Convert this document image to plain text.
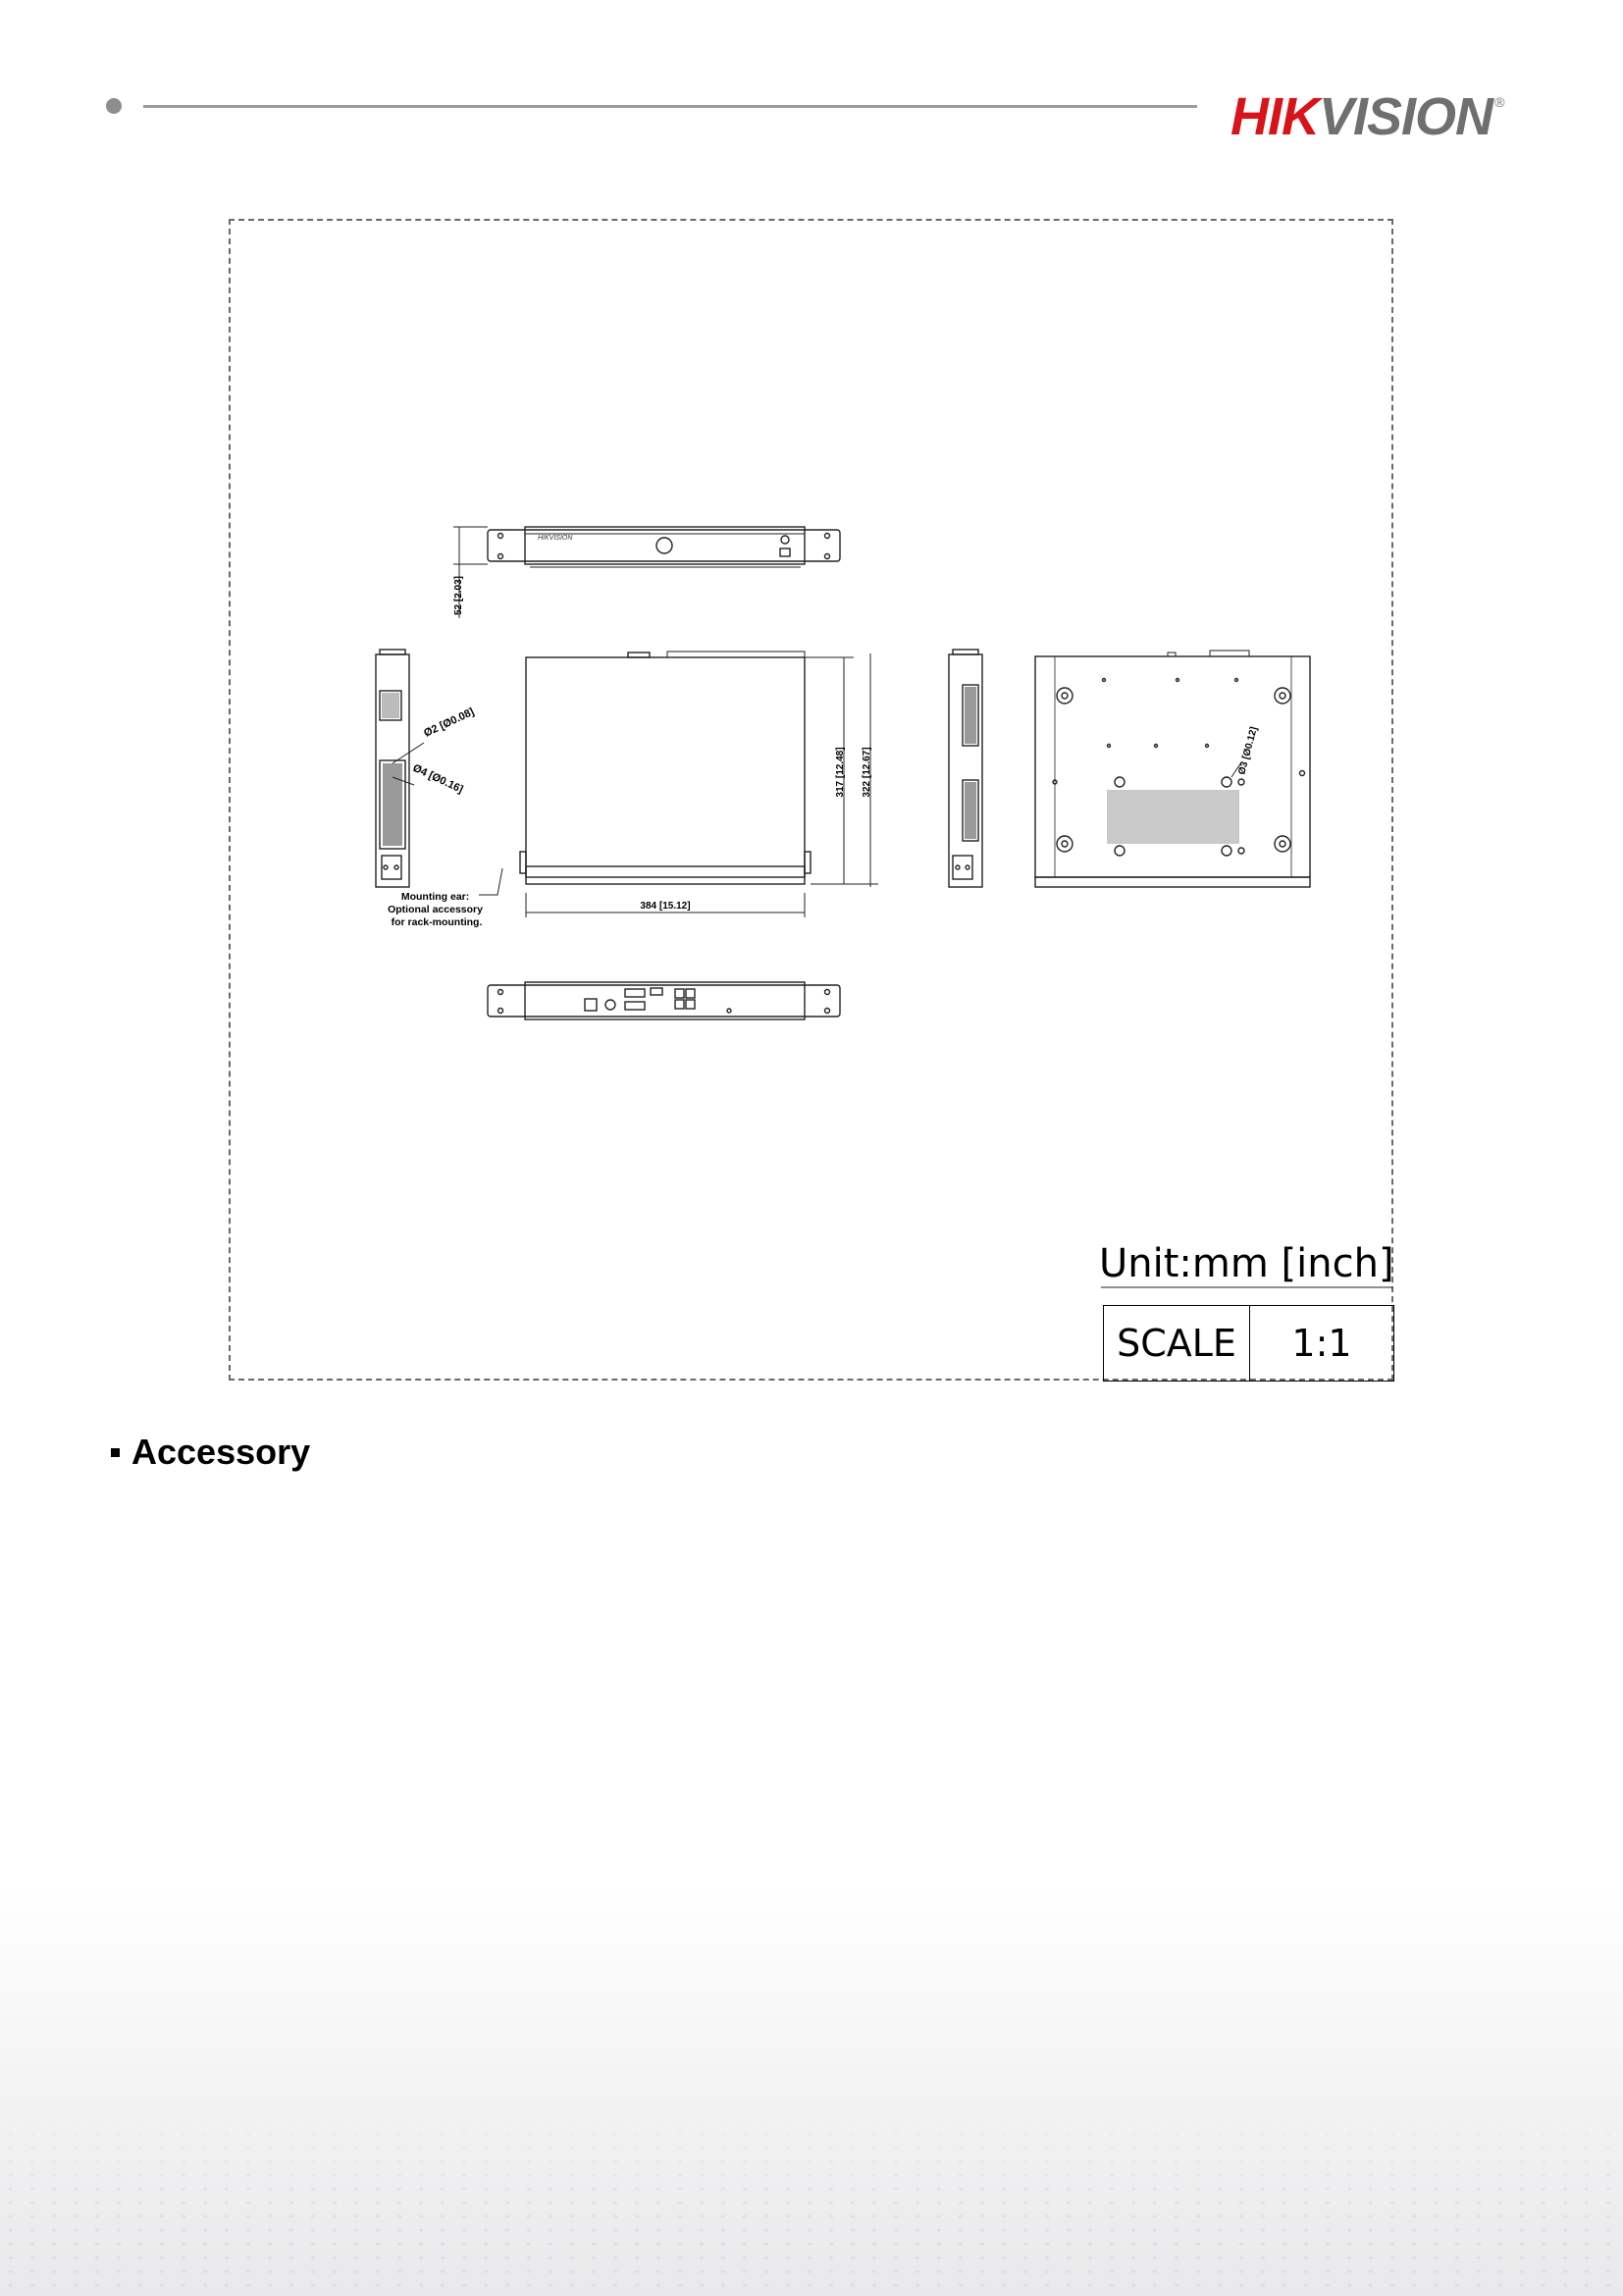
HIKVISION ®
HIKVISION
52 [2.03]
Ø2 [Ø0.08]
Ø4 [Ø0.16]
Mounting ear: Optional accessory for rack-mounting.
317 [12.48] 322 [12.67]
384 [15.12]
Ø3 [Ø0.12]
Unit:mm [inch]
SCALE	1:1
Accessory
